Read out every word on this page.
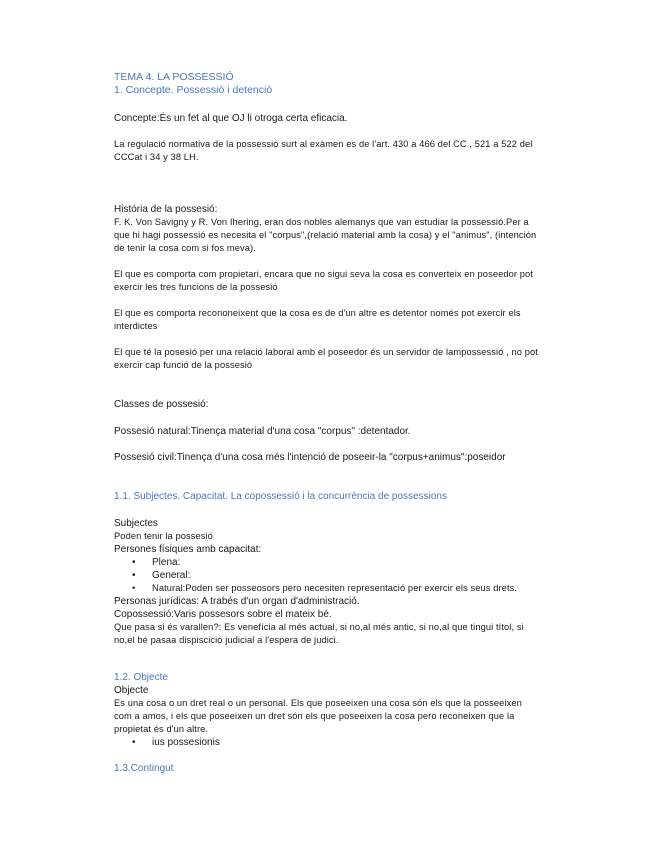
TEMA 4. LA POSSESSIÓ
1. Concepte. Possessió i detenció
Concepte:És un fet al que OJ li otroga certa eficacia.
La regulació normativa de la possessió surt al exàmen es de l'art. 430 a 466 del CC , 521 a 522 del CCCat i 34 y 38 LH.
História de la possesió:
F. K. Von Savigny y R. Von Ihering, eran dos nobles alemanys que van estudiar la possessió.Per a que hi hagi possessió es necesita el "corpus",(relació material amb la cosa) y el "animus", (intención de tenir la cosa com si fos meva).
El que es comporta com propietari, encara que no sigui seva la cosa es converteix en poseedor pot exercir les tres funcions de la possesió
El que es comporta recononeixent que la cosa es de d'un altre es detentor només pot exercir els interdictes
El que té la posesió per una relació laboral amb el poseedor és un servidor de lampossessió , no pot exercir cap funció de la possesió
Classes de possesió:
Possesió natural:Tinença material d'una cosa "corpus" :detentador.
Possesió civil:Tinença d'una cosa més l'intenció de poseeir-la "corpus+animus":poseidor
1.1. Subjectes. Capacitat. La copossessió i la concurrència de possessions

Subjectes

Poden tenir la possesió

Persones físiques amb capacitat:

• Plena:
• General:
• Natural:Poden ser posseosors pero necesiten representació per exercir els seus drets.

Personas jurídicas: A trabés d'un organ d'administració.

Copossessió:Varis possesors sobre el mateix bé.

Que pasa si és varallen?: Es venefícia al més actual, si no,al més antic, si no,al que tingui títol, si no,el bé pasaa dispiscició judicial a l'espera de judici.

1.2. Objecte

Objecte

Es una cosa o un dret real o un personal. Els que poseeixen una cosa són els que la posseeixen com a amos, i els que poseeixen un dret són els que poseeixen la cosa pero reconeixen que la propietat és d'un altre.

• ius possesionis
1.3.Contingut
